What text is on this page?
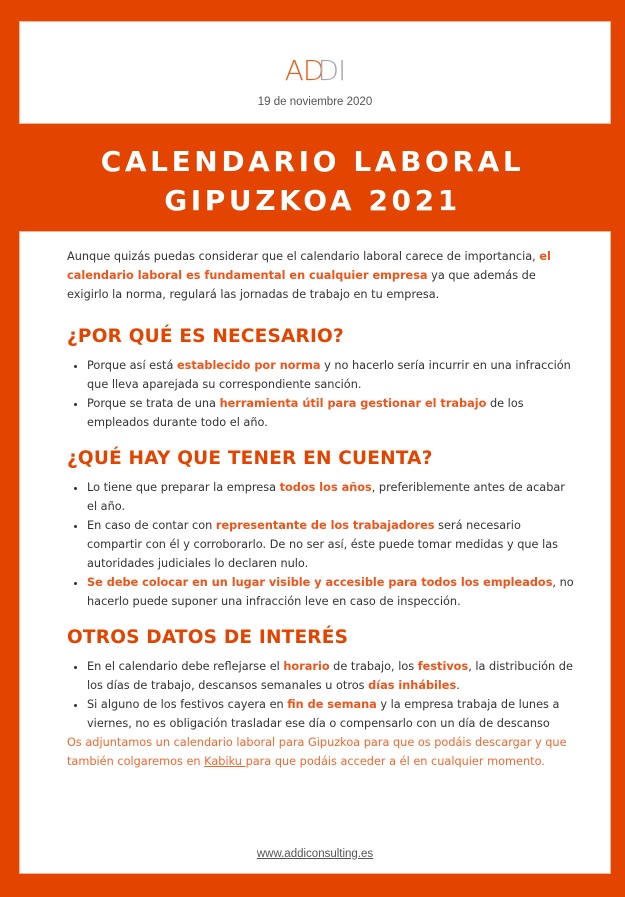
ADDI
19 de noviembre 2020
CALENDARIO LABORAL
GIPUZKOA 2021

Aunque quizás puedas considerar que el calendario laboral carece de importancia, el calendario laboral es fundamental en cualquier empresa ya que además de exigirlo la norma, regulará las jornadas de trabajo en tu empresa.

¿POR QUÉ ES NECESARIO?
• Porque así está establecido por norma y no hacerlo sería incurrir en una infracción que lleva aparejada su correspondiente sanción.
• Porque se trata de una herramienta útil para gestionar el trabajo de los empleados durante todo el año.
¿QUÉ HAY QUE TENER EN CUENTA?
• Lo tiene que preparar la empresa todos los años, preferiblemente antes de acabar el año.
• En caso de contar con representante de los trabajadores será necesario compartir con él y corroborarlo. De no ser así, éste puede tomar medidas y que las autoridades judiciales lo declaren nulo.
• Se debe colocar en un lugar visible y accesible para todos los empleados, no hacerlo puede suponer una infracción leve en caso de inspección.
OTROS DATOS DE INTERÉS
• En el calendario debe reflejarse el horario de trabajo, los festivos, la distribución de los días de trabajo, descansos semanales u otros días inhábiles.
• Si alguno de los festivos cayera en fin de semana y la empresa trabaja de lunes a viernes, no es obligación trasladar ese día o compensarlo con un día de descanso

Os adjuntamos un calendario laboral para Gipuzkoa para que os podáis descargar y que también colgaremos en Kabiku para que podáis acceder a él en cualquier momento.

www.addiconsulting.es
